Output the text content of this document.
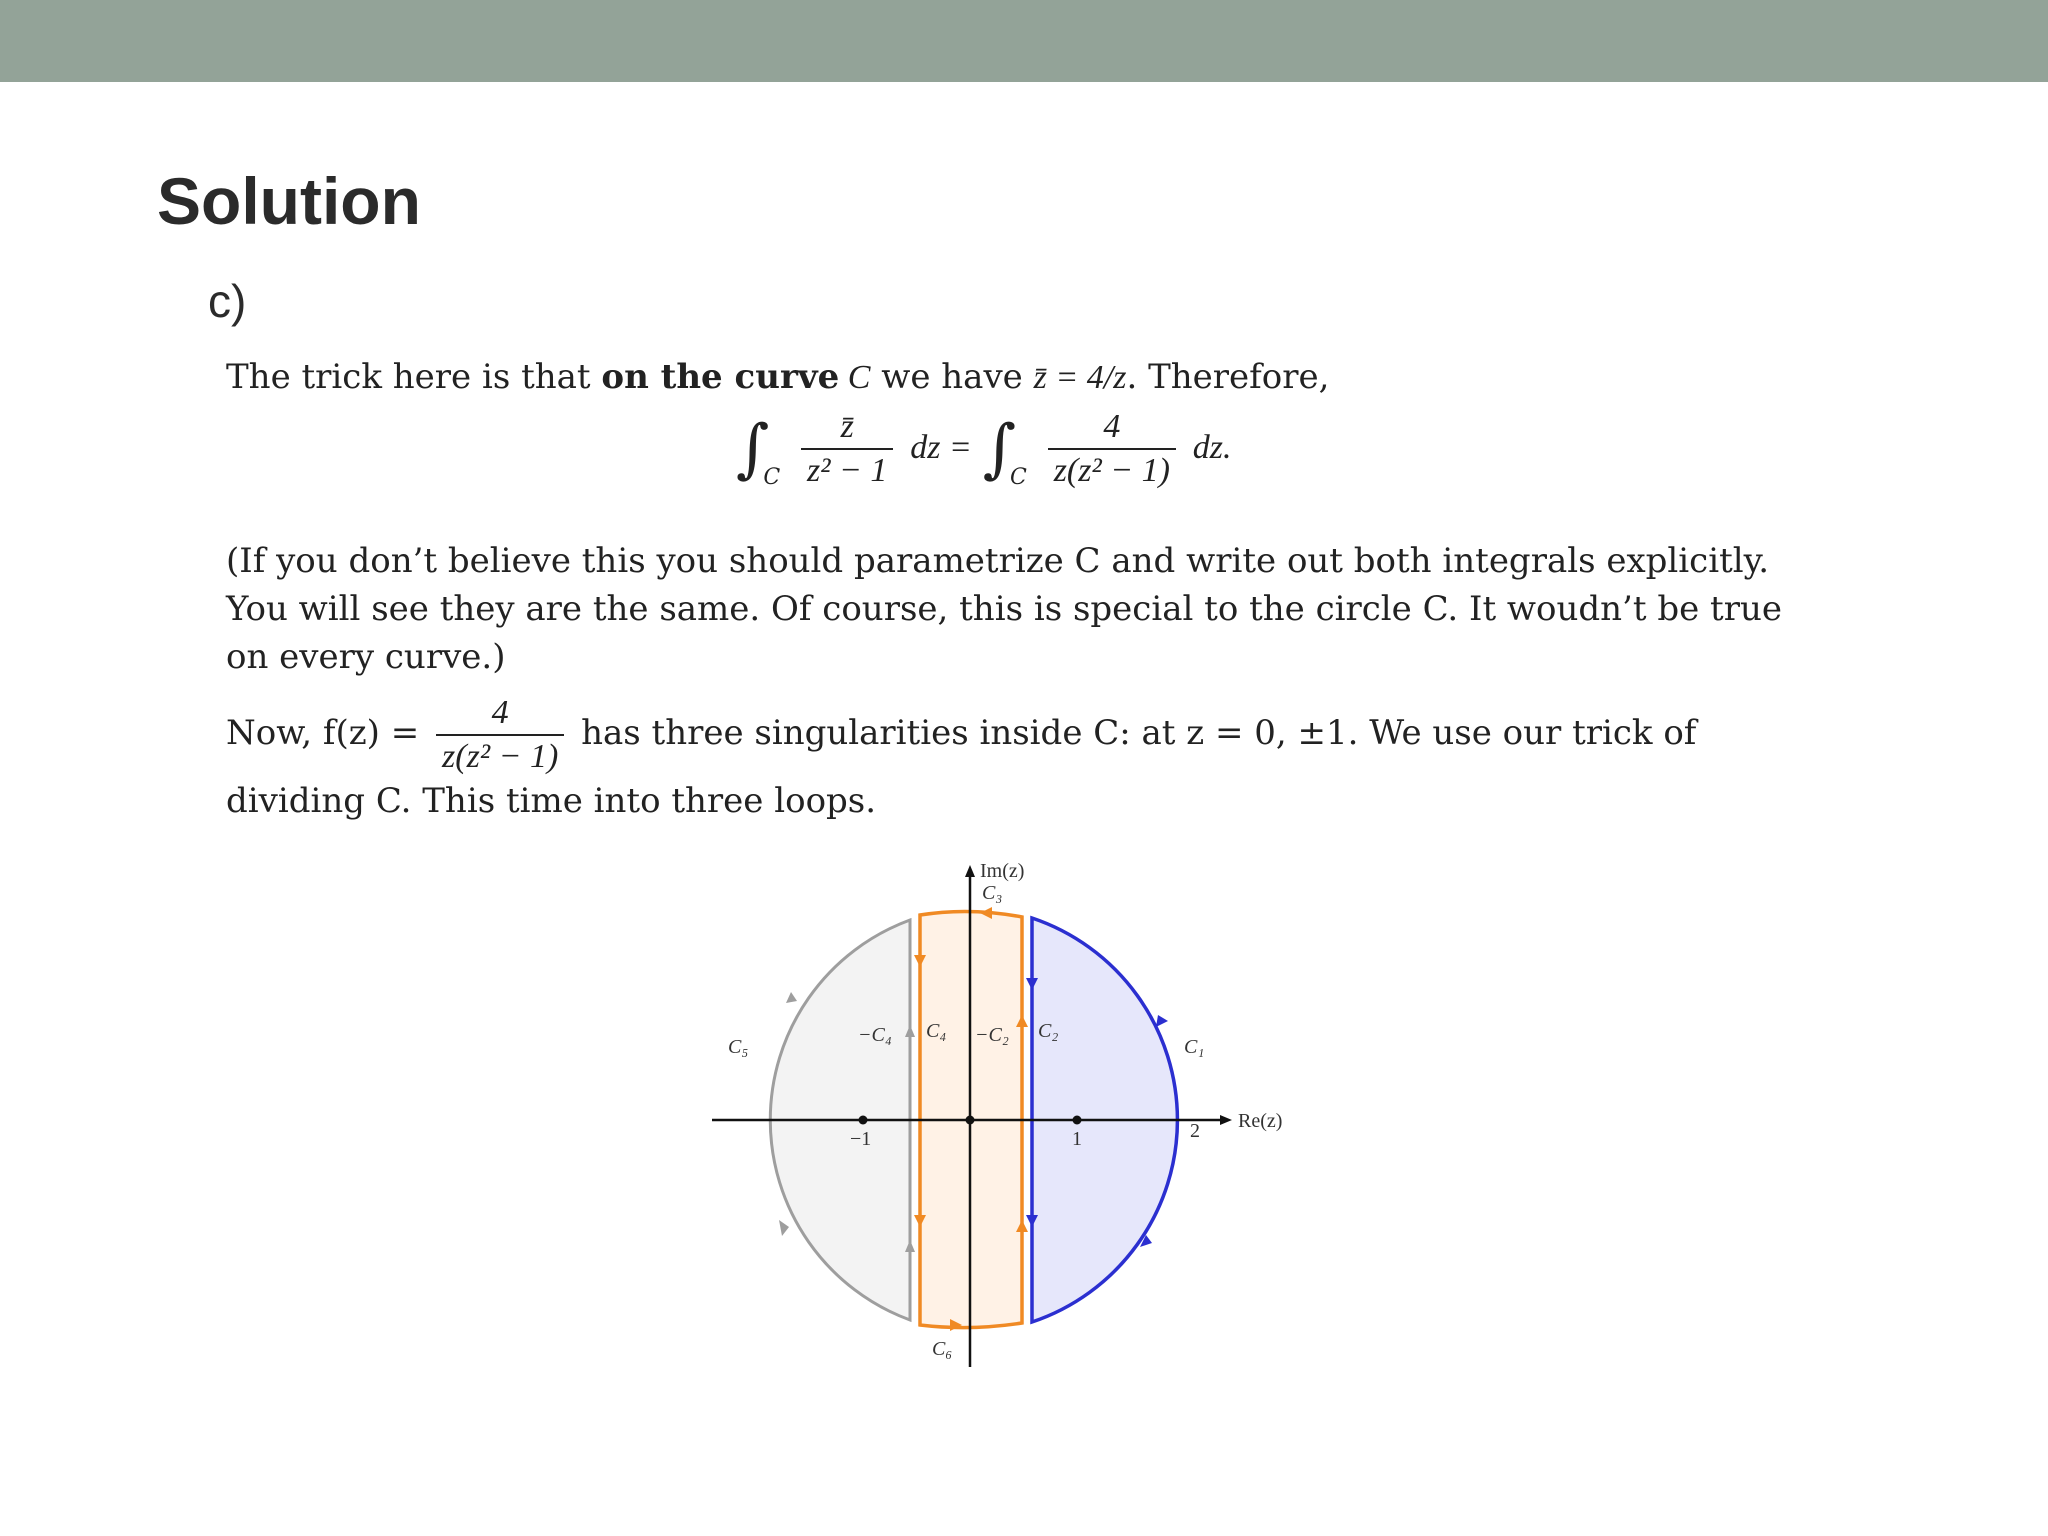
Solution
c)
The trick here is that on the curve C we have z̄ = 4/z. Therefore,
$\int_C \frac{z̄}{\text{z² − 1}}$ dz = $\int_C \frac{4}{\text{z(z² − 1)}}$ dz.
(If you don’t believe this you should parametrize C and write out both integrals explicitly.
You will see they are the same. Of course, this is special to the circle C. It woudn’t be true
on every curve.)
Now, $f(z) = \frac{4}{\text{z(z² − 1)}}$ has three singularities inside C: at z = 0, ±1. We use our trick of
dividing C. This time into three loops.
Im(z)
Re(z)
−1	1	2
C₃
C₅
−C₄ C₄ −C₂ C₂
C₁
C₆
